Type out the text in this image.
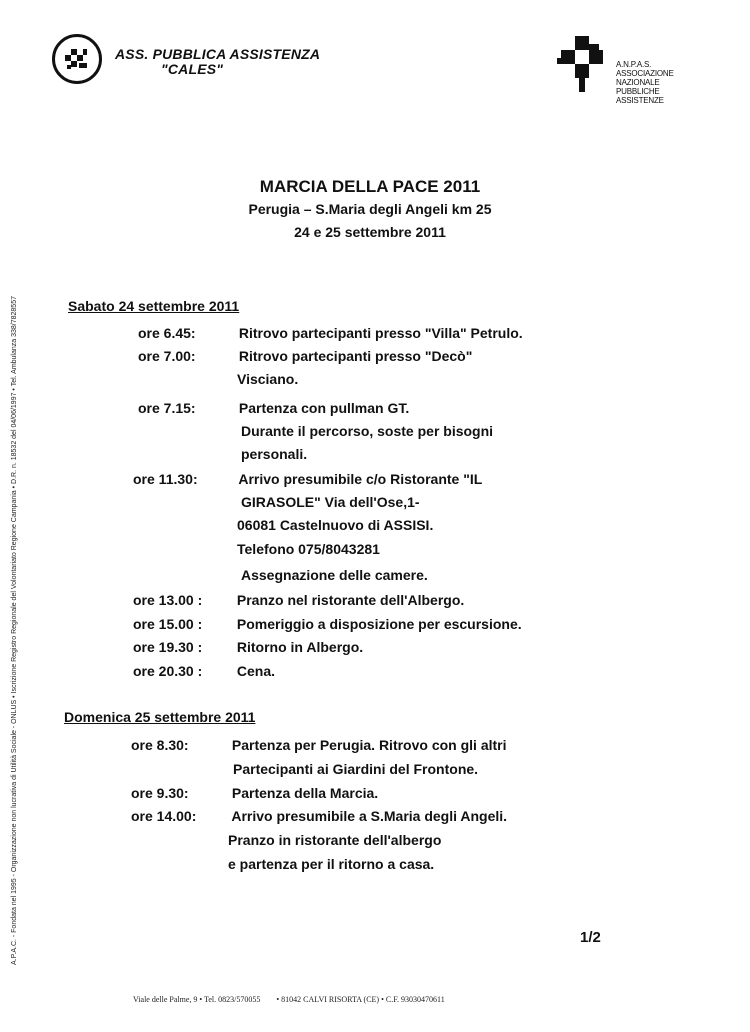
ASS. PUBBLICA ASSISTENZA
"CALES"	A.N.P.A.S.
ASSOCIAZIONE
NAZIONALE
PUBBLICHE
ASSISTENZE
A.P.A.C. - Fondata nel 1995 - Organizzazione non lucrativa di Utilità Sociale - ONLUS • Iscrizione Registro Regionale del Volontariato Regione Campania • D.R. n. 18532 del 04/06/1997 • Tel. Ambulanza 338/7828557
MARCIA DELLA PACE 2011
Perugia – S.Maria degli Angeli km 25
24 e 25 settembre 2011
Sabato 24 settembre 2011
ore 6.45:	Ritrovo partecipanti presso "Villa" Petrulo.
ore 7.00:	Ritrovo partecipanti presso "Decò"
Visciano.
ore 7.15:	Partenza con pullman GT.
Durante il percorso, soste per bisogni
personali.
ore 11.30:	Arrivo presumibile c/o Ristorante "IL
GIRASOLE" Via dell'Ose,1-
06081 Castelnuovo di ASSISI.
Telefono 075/8043281
Assegnazione delle camere.
ore 13.00 : Pranzo nel ristorante dell'Albergo.
ore 15.00 : Pomeriggio a disposizione per escursione.
ore 19.30 : Ritorno in Albergo.
ore 20.30 : Cena.
Domenica 25 settembre 2011
ore 8.30:	Partenza per Perugia. Ritrovo con gli altri
Partecipanti ai Giardini del Frontone.
ore 9.30:	Partenza della Marcia.
ore 14.00:	Arrivo presumibile a S.Maria degli Angeli.
Pranzo in ristorante dell'albergo
e partenza per il ritorno a casa.
1/2
Viale delle Palme, 9 • Tel. 0823/570055 • 81042 CALVI RISORTA (CE) • C.F. 93030470611
